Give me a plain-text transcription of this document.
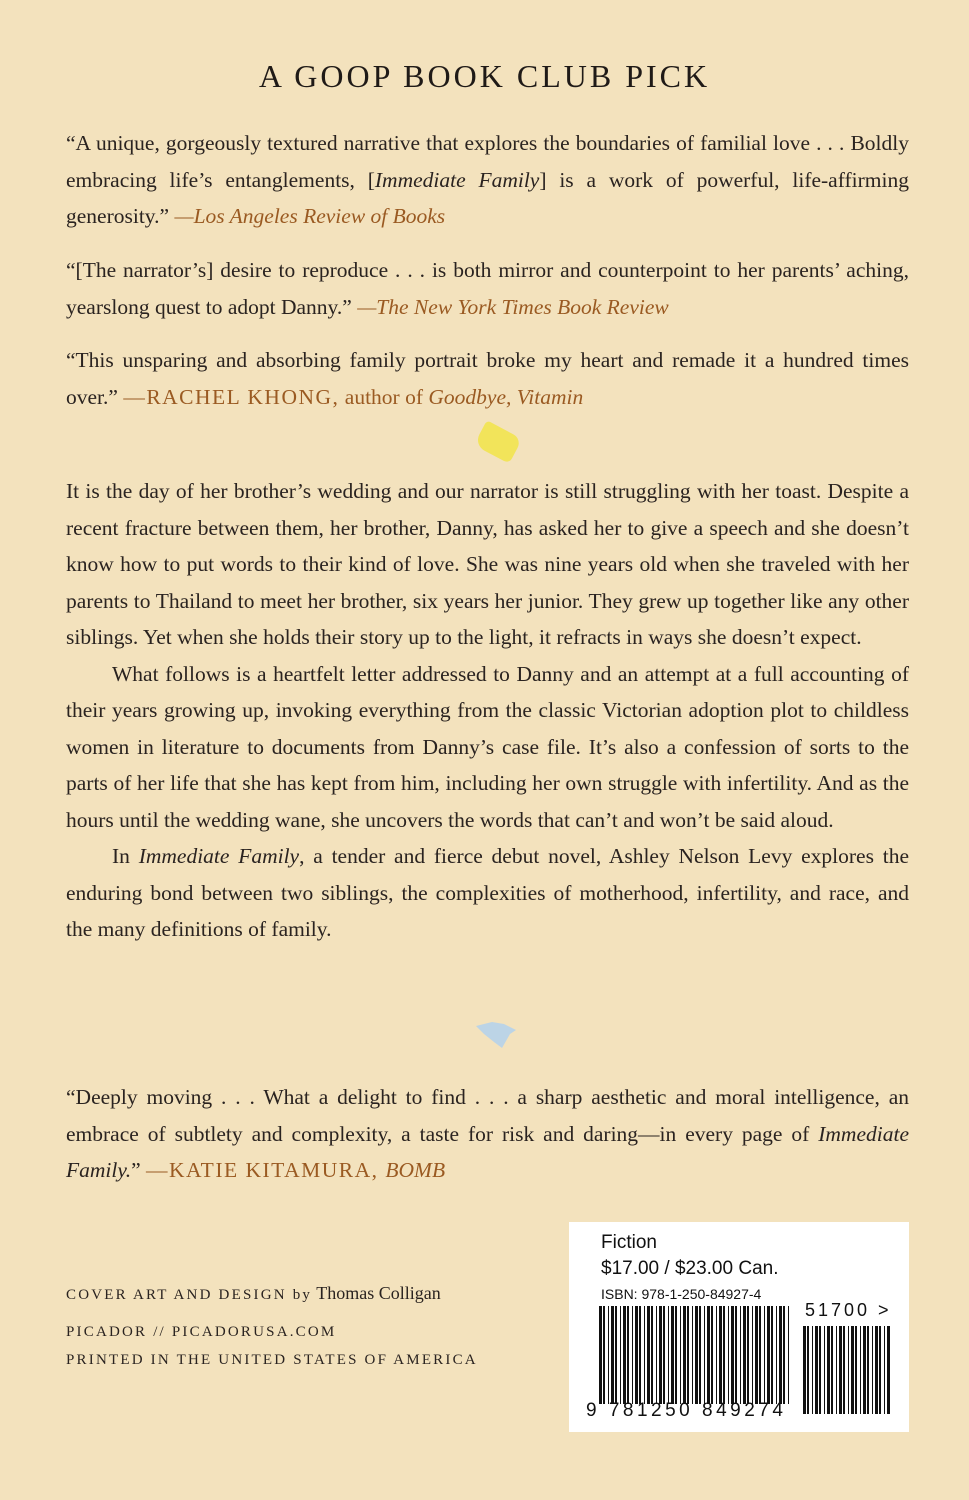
A GOOP BOOK CLUB PICK

“A unique, gorgeously textured narrative that explores the boundaries of familial love . . . Boldly embracing life’s entanglements, [Immediate Family] is a work of powerful, life-affirming generosity.” —Los Angeles Review of Books

“[The narrator’s] desire to reproduce . . . is both mirror and counterpoint to her parents’ aching, yearslong quest to adopt Danny.” —The New York Times Book Review

“This unsparing and absorbing family portrait broke my heart and remade it a hundred times over.” —RACHEL KHONG, author of Goodbye, Vitamin

It is the day of her brother’s wedding and our narrator is still struggling with her toast. Despite a recent fracture between them, her brother, Danny, has asked her to give a speech and she doesn’t know how to put words to their kind of love. She was nine years old when she traveled with her parents to Thailand to meet her brother, six years her junior. They grew up together like any other siblings. Yet when she holds their story up to the light, it refracts in ways she doesn’t expect.

What follows is a heartfelt letter addressed to Danny and an attempt at a full accounting of their years growing up, invoking everything from the classic Victorian adoption plot to childless women in literature to documents from Danny’s case file. It’s also a confession of sorts to the parts of her life that she has kept from him, including her own struggle with infertility. And as the hours until the wedding wane, she uncovers the words that can’t and won’t be said aloud.

In Immediate Family, a tender and fierce debut novel, Ashley Nelson Levy explores the enduring bond between two siblings, the complexities of motherhood, infertility, and race, and the many definitions of family.

“Deeply moving . . . What a delight to find . . . a sharp aesthetic and moral intelligence, an embrace of subtlety and complexity, a taste for risk and daring—in every page of Immediate Family.” —KATIE KITAMURA, BOMB

COVER ART AND DESIGN by Thomas Colligan
PICADOR // PICADORUSA.COM
PRINTED IN THE UNITED STATES OF AMERICA
Fiction
$17.00 / $23.00 Can.
ISBN: 978-1-250-84927-4
51700 >
9 781250 849274
